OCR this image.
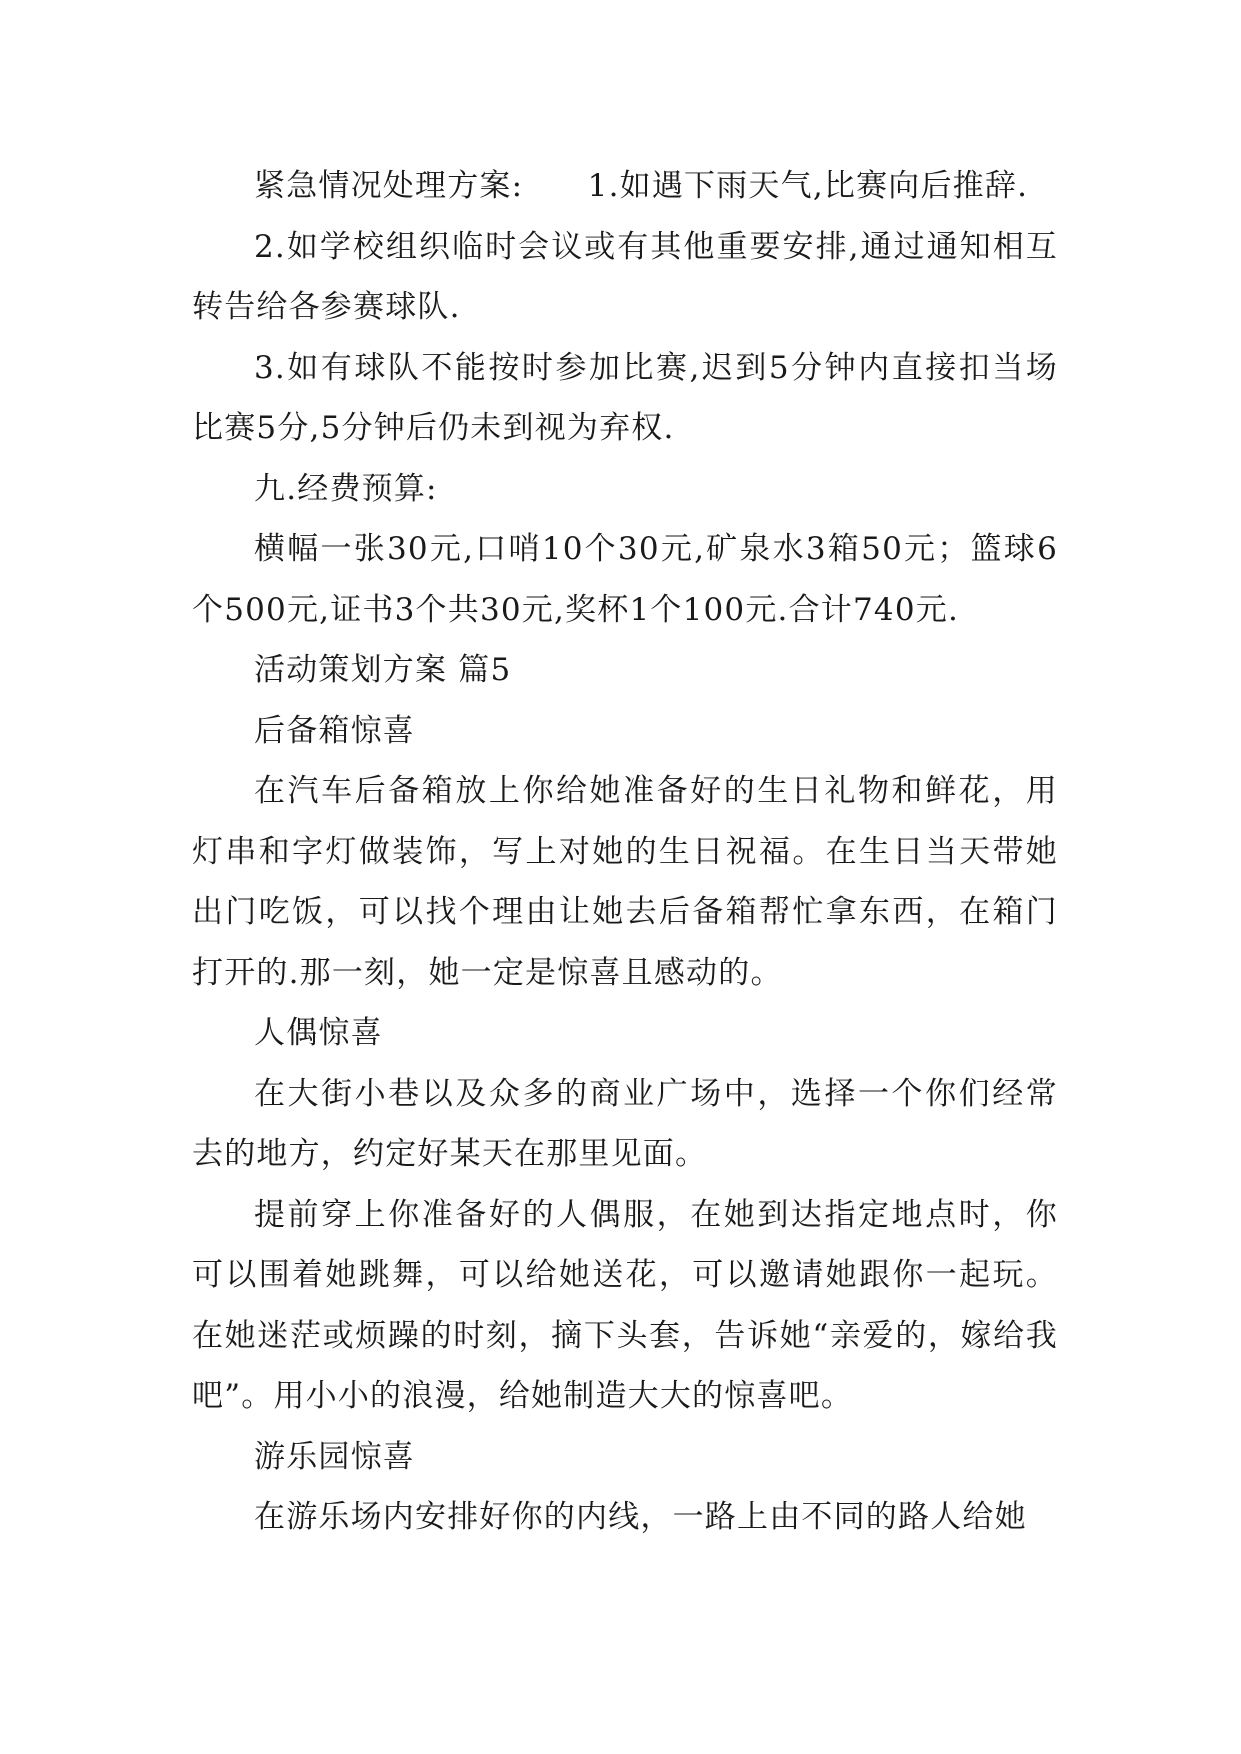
紧急情况处理方案:　　1.如遇下雨天气,比赛向后推辞.

2.如学校组织临时会议或有其他重要安排,通过通知相互转告给各参赛球队.

3.如有球队不能按时参加比赛,迟到5分钟内直接扣当场比赛5分,5分钟后仍未到视为弃权.

九.经费预算:

横幅一张30元,口哨10个30元,矿泉水3箱50元；篮球6个500元,证书3个共30元,奖杯1个100元.合计740元.

活动策划方案 篇5

后备箱惊喜

在汽车后备箱放上你给她准备好的生日礼物和鲜花，用灯串和字灯做装饰，写上对她的生日祝福。在生日当天带她出门吃饭，可以找个理由让她去后备箱帮忙拿东西，在箱门打开的.那一刻，她一定是惊喜且感动的。

人偶惊喜

在大街小巷以及众多的商业广场中，选择一个你们经常去的地方，约定好某天在那里见面。

提前穿上你准备好的人偶服，在她到达指定地点时，你可以围着她跳舞，可以给她送花，可以邀请她跟你一起玩。在她迷茫或烦躁的时刻，摘下头套，告诉她“亲爱的，嫁给我吧”。用小小的浪漫，给她制造大大的惊喜吧。

游乐园惊喜

在游乐场内安排好你的内线，一路上由不同的路人给她
